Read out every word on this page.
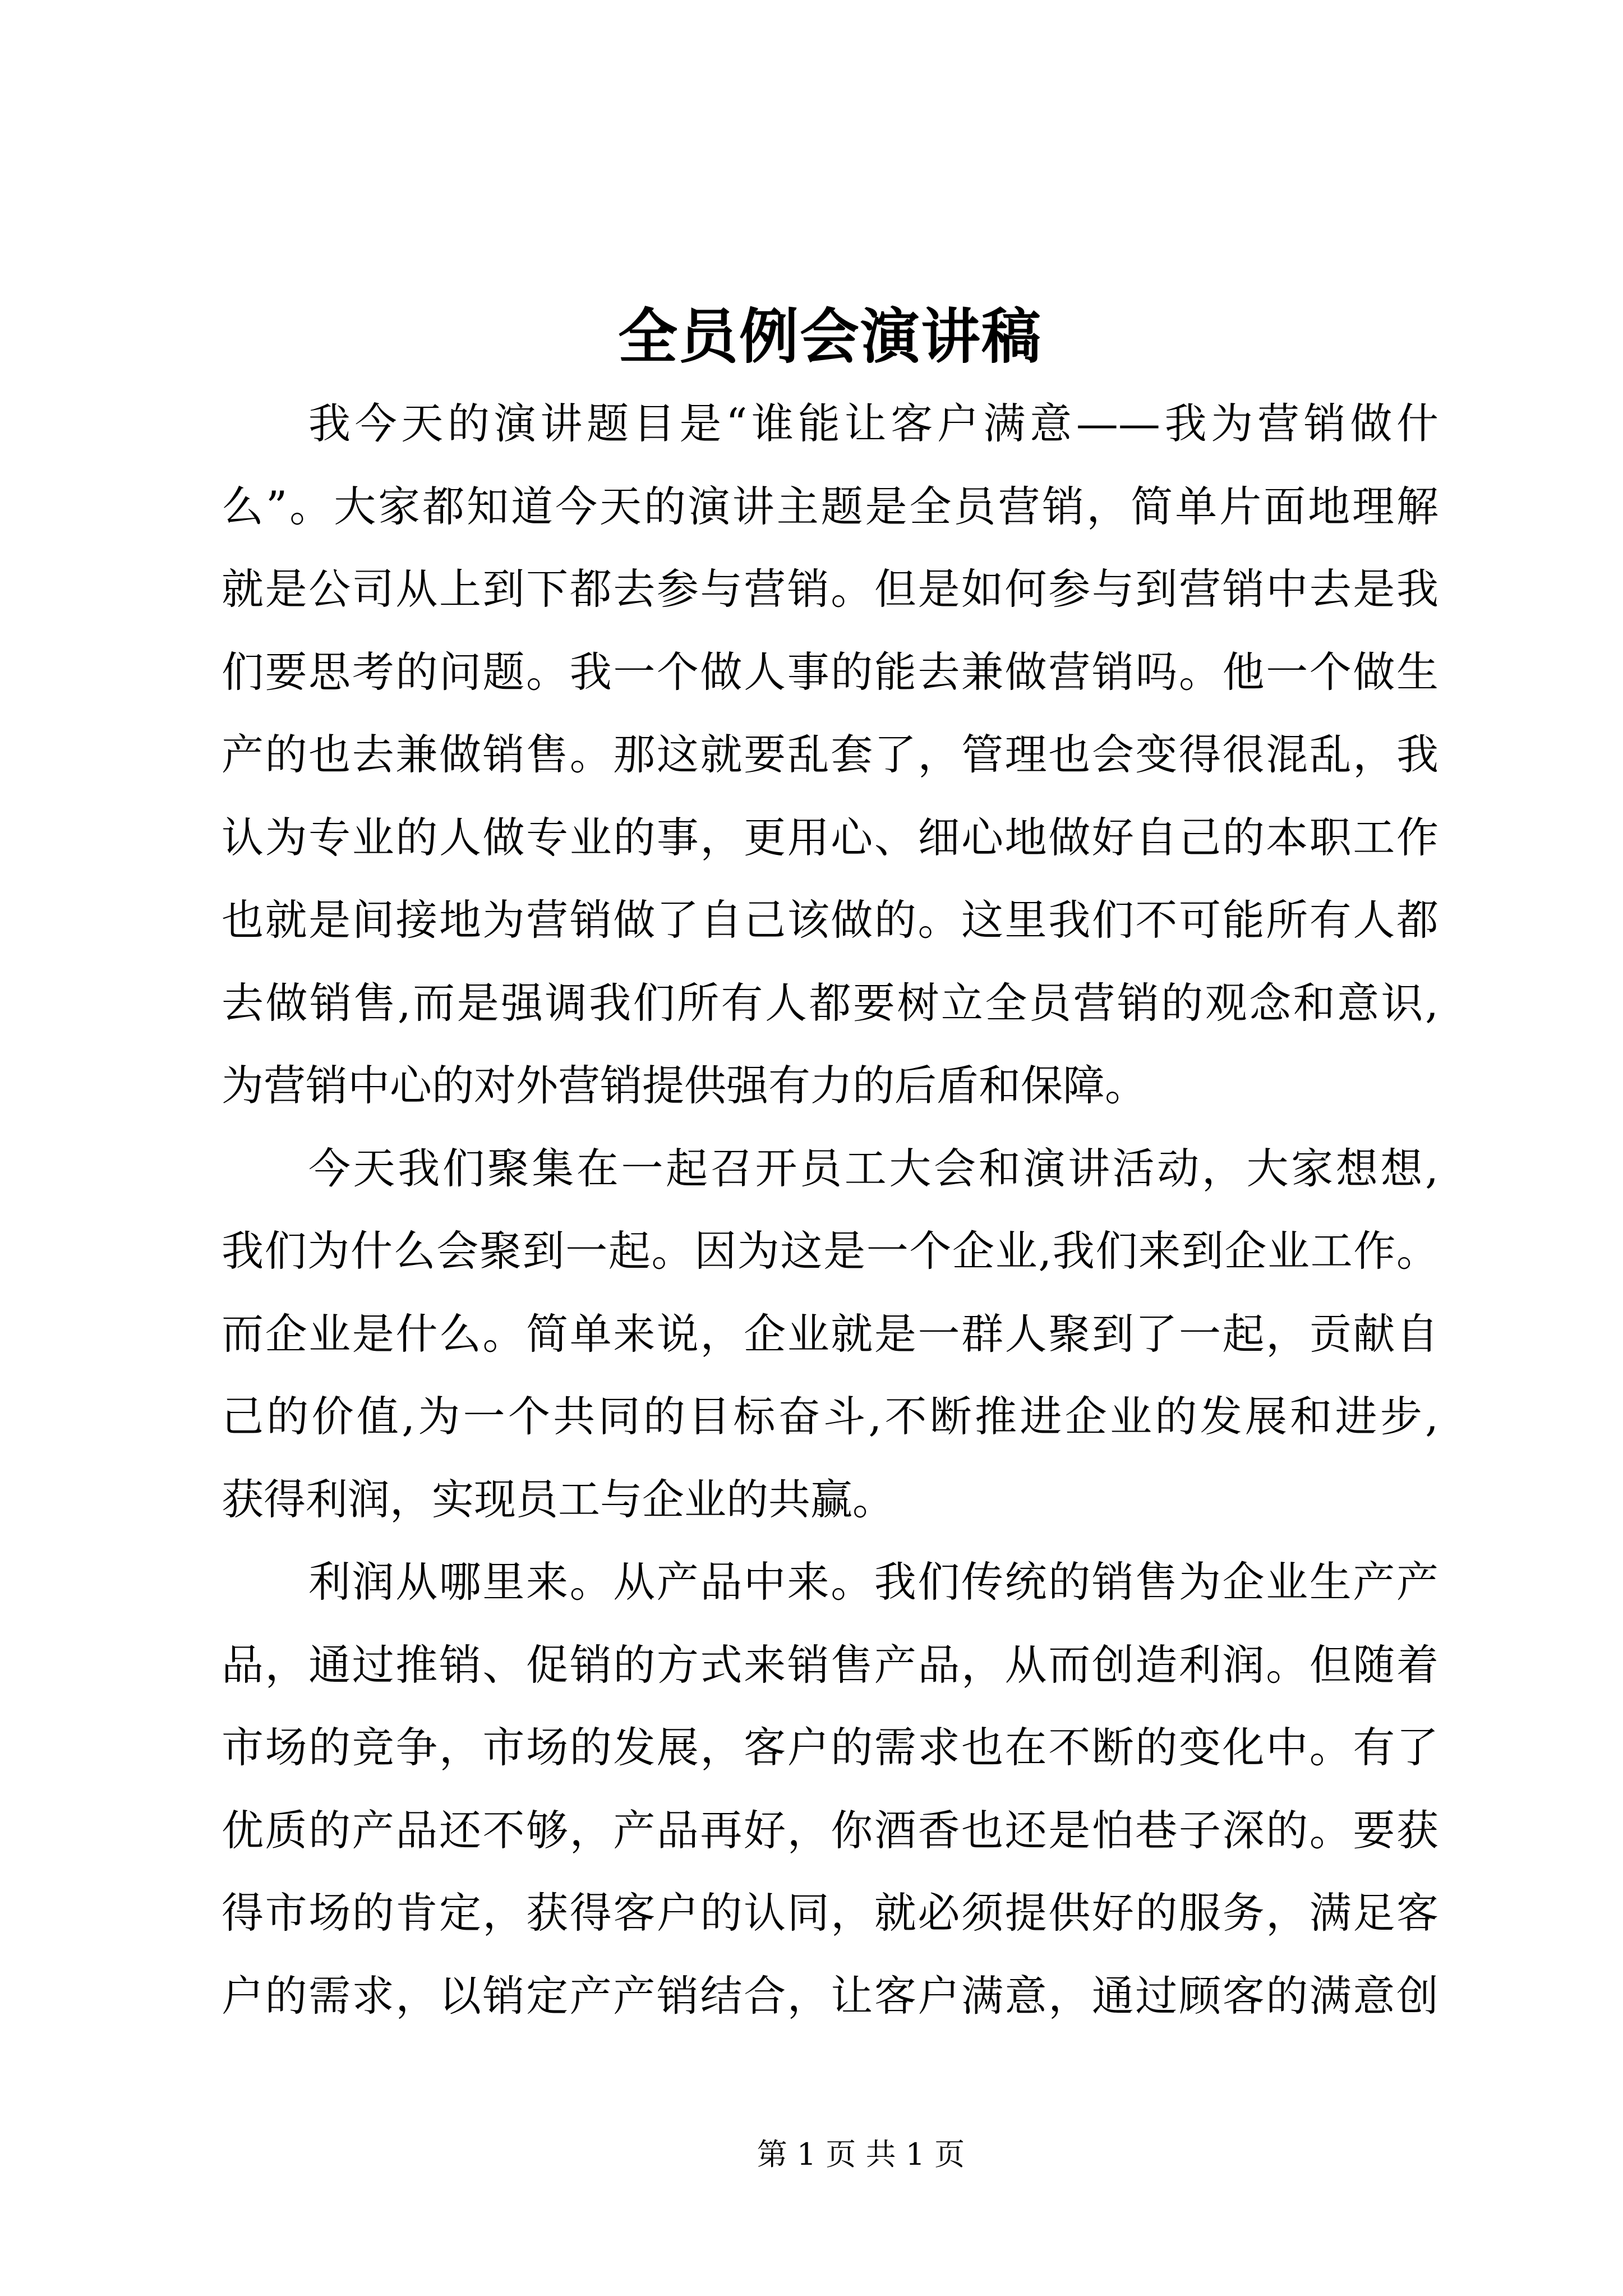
全员例会演讲稿
我今天的演讲题目是“谁能让客户满意——我为营销做什
么”。大家都知道今天的演讲主题是全员营销，简单片面地理解
就是公司从上到下都去参与营销。但是如何参与到营销中去是我
们要思考的问题。我一个做人事的能去兼做营销吗。他一个做生
产的也去兼做销售。那这就要乱套了，管理也会变得很混乱，我
认为专业的人做专业的事，更用心、细心地做好自己的本职工作
也就是间接地为营销做了自己该做的。这里我们不可能所有人都
去做销售,而是强调我们所有人都要树立全员营销的观念和意识,
为营销中心的对外营销提供强有力的后盾和保障。
今天我们聚集在一起召开员工大会和演讲活动，大家想想,
我们为什么会聚到一起。因为这是一个企业,我们来到企业工作。
而企业是什么。简单来说，企业就是一群人聚到了一起，贡献自
己的价值,为一个共同的目标奋斗,不断推进企业的发展和进步,
获得利润，实现员工与企业的共赢。
利润从哪里来。从产品中来。我们传统的销售为企业生产产
品，通过推销、促销的方式来销售产品，从而创造利润。但随着
市场的竞争，市场的发展，客户的需求也在不断的变化中。有了
优质的产品还不够，产品再好，你酒香也还是怕巷子深的。要获
得市场的肯定，获得客户的认同，就必须提供好的服务，满足客
户的需求，以销定产产销结合，让客户满意，通过顾客的满意创
第 1 页 共 1 页
